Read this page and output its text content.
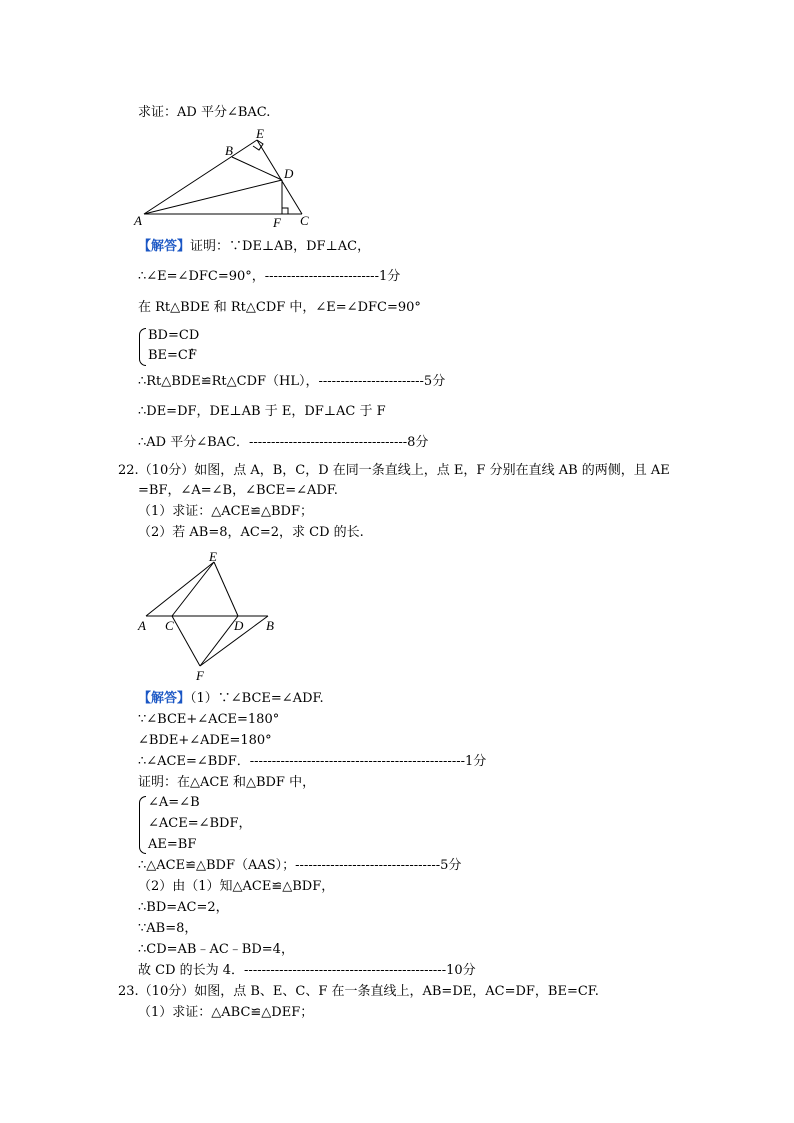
求证：AD 平分∠BAC.
A
B
E
D
F C
【解答】证明：∵DE⊥AB，DF⊥AC，
∴∠E=∠DFC=90°，--------------------------1分
在 Rt△BDE 和 Rt△CDF 中，∠E=∠DFC=90°
BD=CD
BE=CF
，
∴Rt△BDE≌Rt△CDF（HL），------------------------5分
∴DE=DF，DE⊥AB 于 E，DF⊥AC 于 F
∴AD 平分∠BAC．------------------------------------8分
22.（10分）如图，点 A，B，C，D 在同一条直线上，点 E，F 分别在直线 AB 的两侧，且 AE
=BF，∠A=∠B，∠BCE=∠ADF.
（1）求证：△ACE≌△BDF；
（2）若 AB=8，AC=2，求 CD 的长.
E
A C	D B
F
【解答】（1）∵∠BCE=∠ADF.
∵∠BCE+∠ACE=180°
∠BDE+∠ADE=180°
∴∠ACE=∠BDF．-------------------------------------------------1分
证明：在△ACE 和△BDF 中，
∠A=∠B
∠ACE=∠BDF，
AE=BF
∴△ACE≌△BDF（AAS）；---------------------------------5分
（2）由（1）知△ACE≌△BDF，
∴BD=AC=2，
∵AB=8，
∴CD=AB﹣AC﹣BD=4，
故 CD 的长为 4．----------------------------------------------10分
23.（10分）如图，点 B、E、C、F 在一条直线上，AB=DE，AC=DF，BE=CF.
（1）求证：△ABC≌△DEF；
